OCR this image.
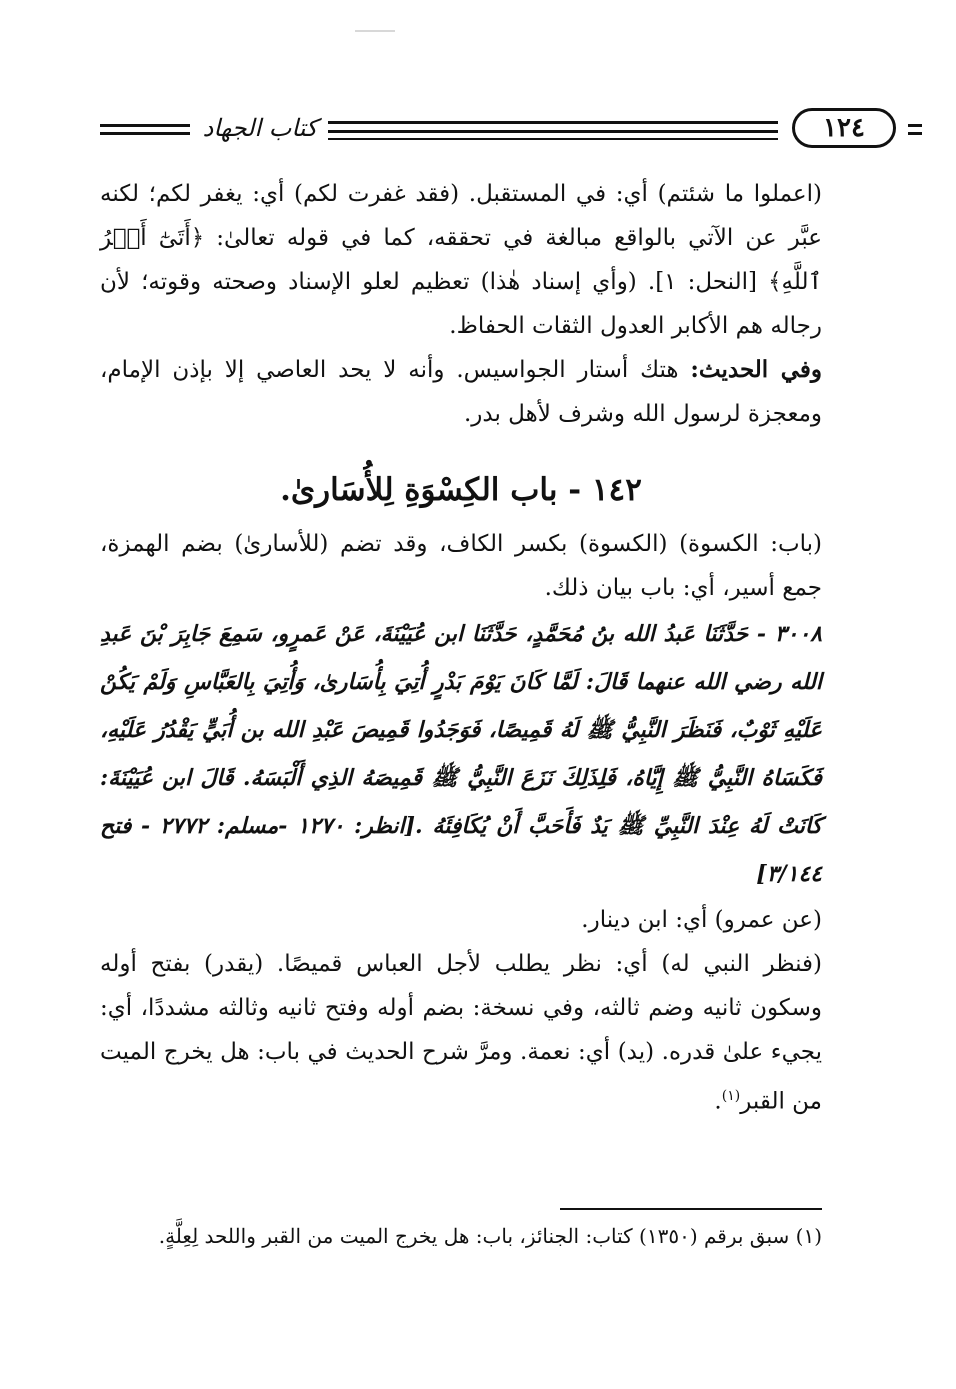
كتاب الجهاد	١٢٤

(اعملوا ما شئتم) أي: في المستقبل. (فقد غفرت لكم) أي: يغفر لكم؛ لكنه عبَّر عن الآتي بالواقع مبالغة في تحققه، كما في قوله تعالىٰ: ﴿أَتَىٰٓ أَمۡرُ ٱللَّهِ﴾ [النحل: ١]. (وأي إسناد هٰذا) تعظيم لعلو الإسناد وصحته وقوته؛ لأن رجاله هم الأكابر العدول الثقات الحفاظ.

وفي الحديث: هتك أستار الجواسيس. وأنه لا يحد العاصي إلا بإذن الإمام، ومعجزة لرسول الله وشرف لأهل بدر.

١٤٢ - باب الكِسْوَةِ لِلأُسَارىٰ.

(باب: الكسوة) (الكسوة) بكسر الكاف، وقد تضم (للأساریٰ) بضم الهمزة، جمع أسير، أي: باب بيان ذلك.

٣٠٠٨ - حَدَّثَنَا عَبدُ الله بنُ مُحَمَّدٍ، حَدَّثَنَا ابن عُيَيْنَةَ، عَنْ عَمرٍو، سَمِعَ جَابِرَ بْنَ عَبدِ الله رضي الله عنهما قَالَ: لَمَّا كَانَ يَوْمَ بَدْرٍ أُتِيَ بِأُسَارىٰ، وَأُتِيَ بِالعَبَّاسِ وَلَمْ يَكُنْ عَلَيْهِ ثَوْبٌ، فَنَظَرَ النَّبِيُّ ﷺ لَهُ قَمِيصًا، فَوَجَدُوا قَمِيصَ عَبْدِ الله بن أُبَيٍّ يَقْدُرُ عَلَيْهِ، فَكَسَاهُ النَّبِيُّ ﷺ إِيَّاهُ، فَلِذَلِكَ نَزَعَ النَّبِيُّ ﷺ قَمِيصَهُ الذِي أَلْبَسَهُ. قَالَ ابن عُيَيْنَةَ: كَانَتْ لَهُ عِنْدَ النَّبِيِّ ﷺ يَدٌ فَأَحَبَّ أَنْ يُكَافِئَهُ .[انظر: ١٢٧٠ -مسلم: ٢٧٧٢ - فتح ٣/١٤٤]

(عن عمرو) أي: ابن دينار.

(فنظر النبي له) أي: نظر يطلب لأجل العباس قميصًا. (يقدر) بفتح أوله وسكون ثانيه وضم ثالثه، وفي نسخة: بضم أوله وفتح ثانيه وثالثه مشددًا، أي: يجيء علىٰ قدره. (يد) أي: نعمة. ومرَّ شرح الحديث في باب: هل يخرج الميت من القبر$^{(١)}$.

(١) سبق برقم (١٣٥٠) كتاب: الجنائز، باب: هل يخرج الميت من القبر واللحد لِعِلَّةٍ.
